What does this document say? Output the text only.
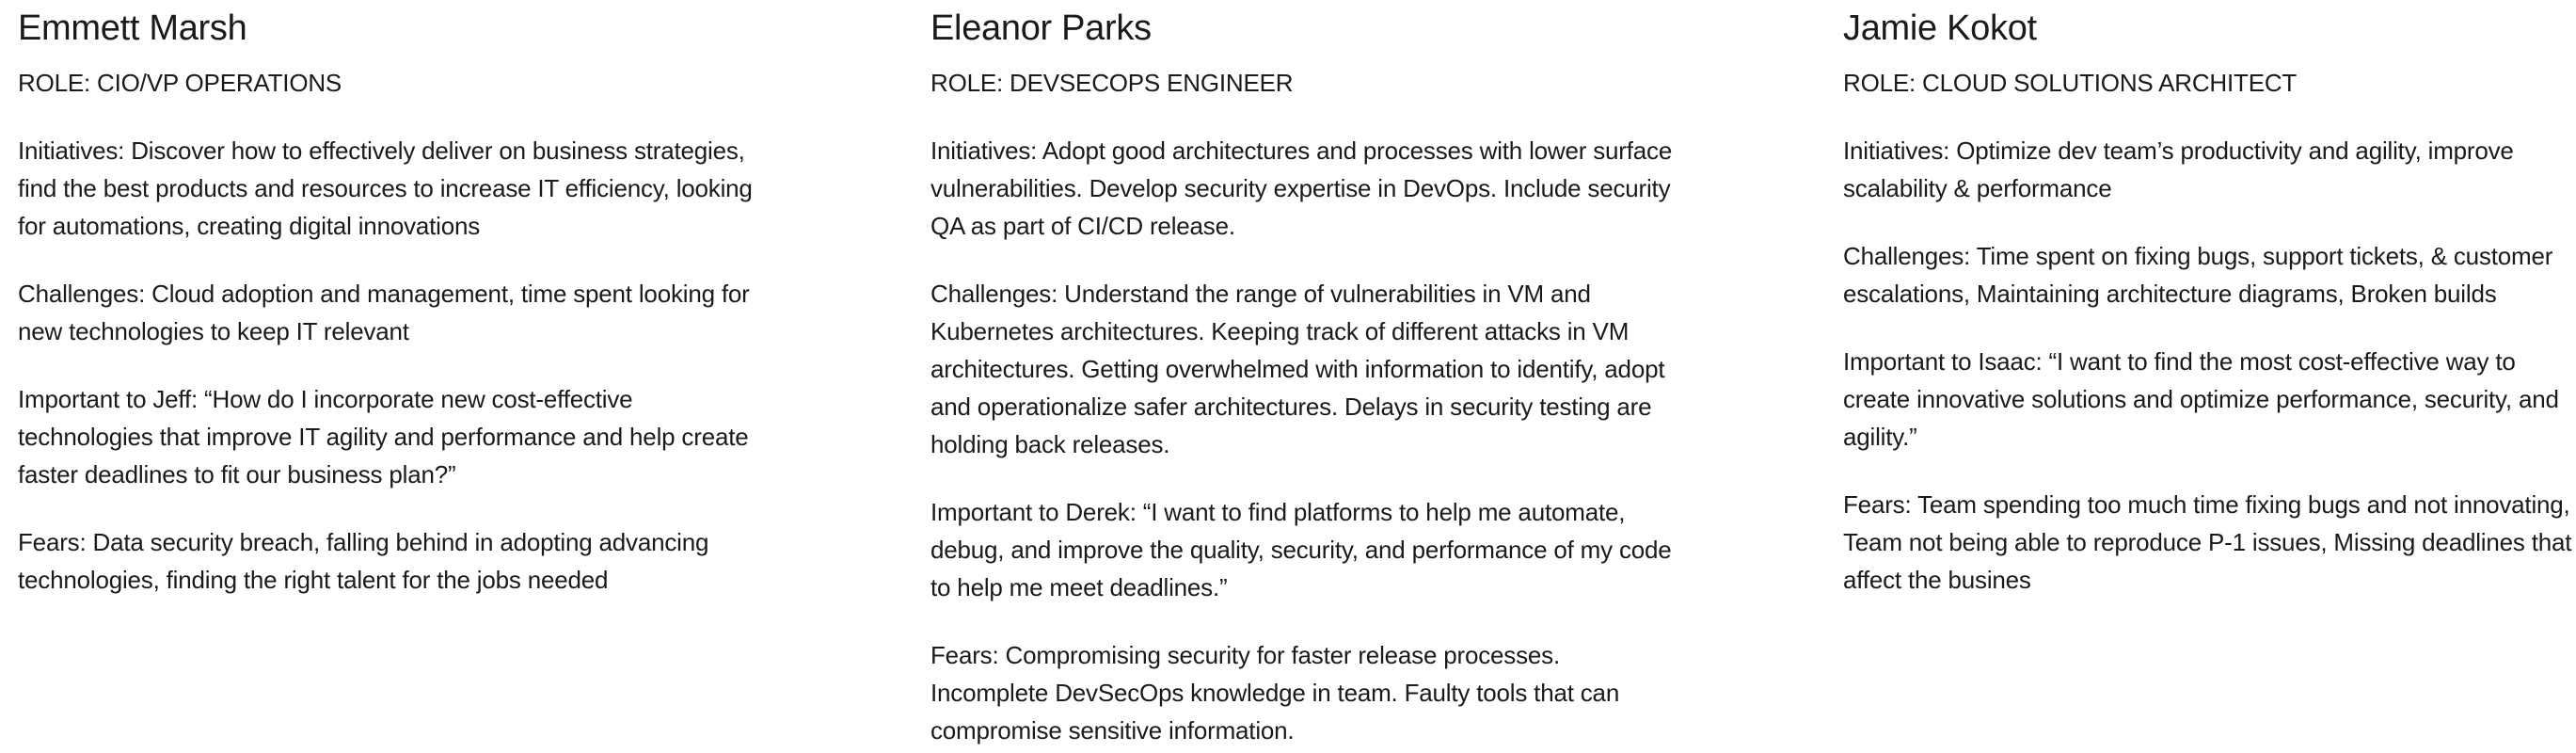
Emmett Marsh

ROLE: CIO/VP OPERATIONS

Initiatives: Discover how to effectively deliver on business strategies, find the best products and resources to increase IT efficiency, looking for automations, creating digital innovations

Challenges: Cloud adoption and management, time spent looking for new technologies to keep IT relevant

Important to Jeff: “How do I incorporate new cost-effective technologies that improve IT agility and performance and help create faster deadlines to fit our business plan?”

Fears: Data security breach, falling behind in adopting advancing technologies, finding the right talent for the jobs needed

Eleanor Parks

ROLE: DEVSECOPS ENGINEER

Initiatives: Adopt good architectures and processes with lower surface vulnerabilities. Develop security expertise in DevOps. Include security QA as part of CI/CD release.

Challenges: Understand the range of vulnerabilities in VM and Kubernetes architectures. Keeping track of different attacks in VM architectures. Getting overwhelmed with information to identify, adopt and operationalize safer architectures. Delays in security testing are holding back releases.

Important to Derek: “I want to find platforms to help me automate, debug, and improve the quality, security, and performance of my code to help me meet deadlines.”

Fears: Compromising security for faster release processes. Incomplete DevSecOps knowledge in team. Faulty tools that can compromise sensitive information.

Jamie Kokot

ROLE: CLOUD SOLUTIONS ARCHITECT

Initiatives: Optimize dev team’s productivity and agility, improve scalability & performance

Challenges: Time spent on fixing bugs, support tickets, & customer escalations, Maintaining architecture diagrams, Broken builds

Important to Isaac: “I want to find the most cost-effective way to create innovative solutions and optimize performance, security, and agility.”

Fears: Team spending too much time fixing bugs and not innovating, Team not being able to reproduce P-1 issues, Missing deadlines that affect the busines
